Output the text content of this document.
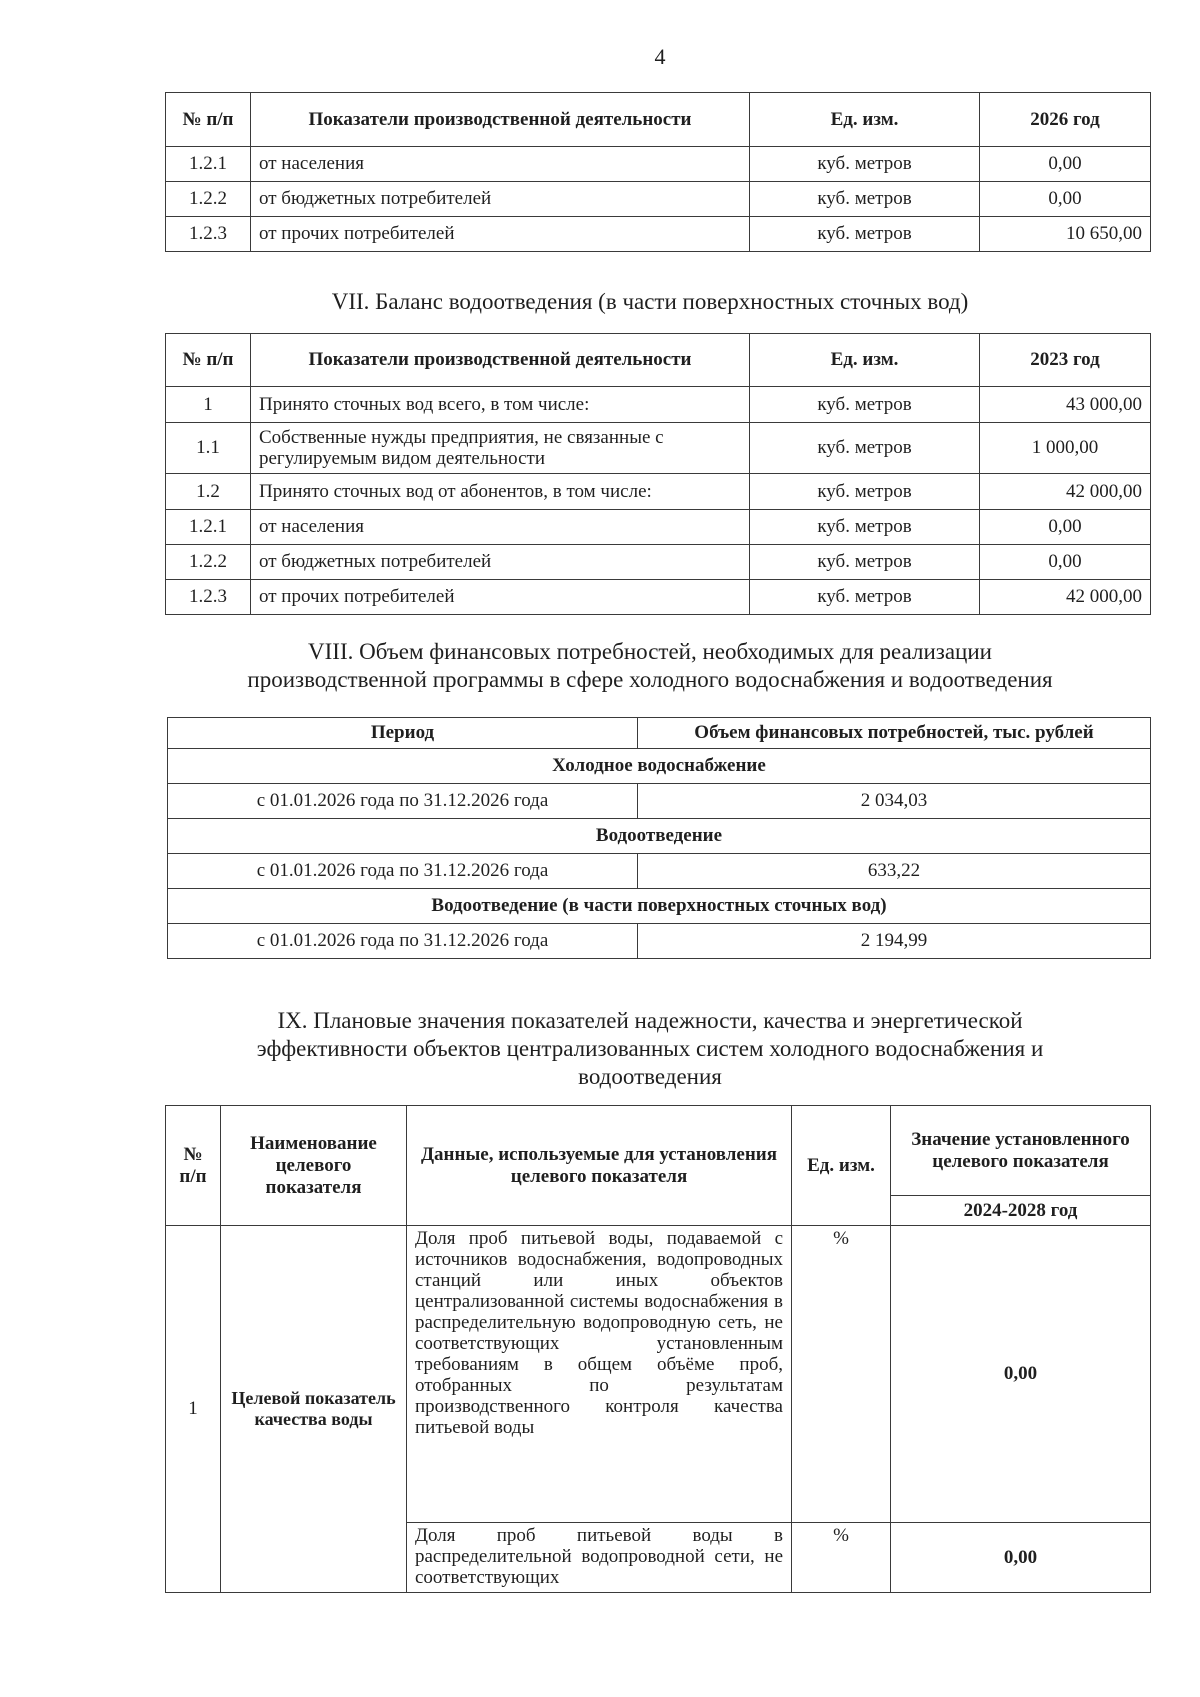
4
№ п/п	Показатели производственной деятельности	Ед. изм.	2026 год
1.2.1	от населения	куб. метров	0,00
1.2.2	от бюджетных потребителей	куб. метров	0,00
1.2.3	от прочих потребителей	куб. метров	10 650,00
VII. Баланс водоотведения (в части поверхностных сточных вод)
№ п/п	Показатели производственной деятельности	Ед. изм.	2023 год
1	Принято сточных вод всего, в том числе:	куб. метров	43 000,00
1.1	Собственные нужды предприятия, не связанные с регулируемым видом деятельности	куб. метров	1 000,00
1.2	Принято сточных вод от абонентов, в том числе:	куб. метров	42 000,00
1.2.1	от населения	куб. метров	0,00
1.2.2	от бюджетных потребителей	куб. метров	0,00
1.2.3	от прочих потребителей	куб. метров	42 000,00
VIII. Объем финансовых потребностей, необходимых для реализации
производственной программы в сфере холодного водоснабжения и водоотведения
Период	Объем финансовых потребностей, тыс. рублей
Холодное водоснабжение	
с 01.01.2026 года по 31.12.2026 года	2 034,03
Водоотведение	
с 01.01.2026 года по 31.12.2026 года	633,22
Водоотведение (в части поверхностных сточных вод)	
с 01.01.2026 года по 31.12.2026 года	2 194,99
IX. Плановые значения показателей надежности, качества и энергетической
эффективности объектов централизованных систем холодного водоснабжения и
водоотведения
№ п/п	Наименование целевого показателя	Данные, используемые для установления целевого показателя	Ед. изм.	Значение установленного целевого показателя
				2024-2028 год
1	Целевой показатель качества воды	Доля проб питьевой воды, подаваемой с источников водоснабжения, водопроводных станций или иных объектов централизованной системы водоснабжения в распределительную водопроводную сеть, не соответствующих установленным требованиям в общем объёме проб, отобранных по результатам производственного контроля качества питьевой воды	%	0,00
		Доля проб питьевой воды в распределительной водопроводной сети, не соответствующих	%	0,00
